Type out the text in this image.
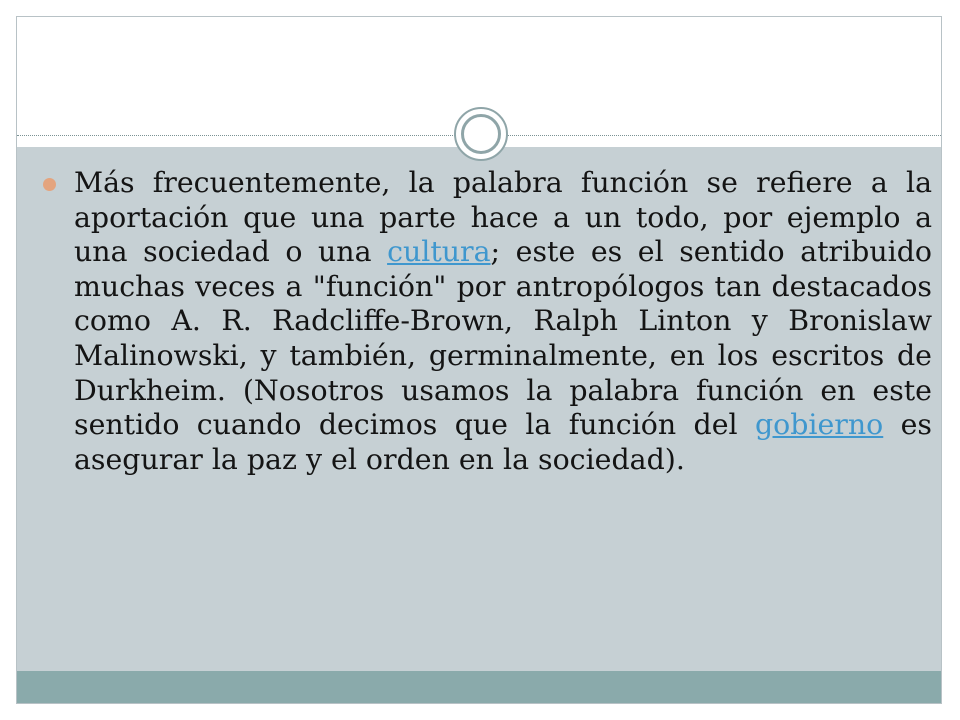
Más frecuentemente, la palabra función se refiere a la aportación que una parte hace a un todo, por ejemplo a una sociedad o una cultura; este es el sentido atribuido muchas veces a "función" por antropólogos tan destacados como A. R. Radcliffe-Brown, Ralph Linton y Bronislaw Malinowski, y también, germinalmente, en los escritos de Durkheim. (Nosotros usamos la palabra función en este sentido cuando decimos que la función del gobierno es asegurar la paz y el orden en la sociedad).
